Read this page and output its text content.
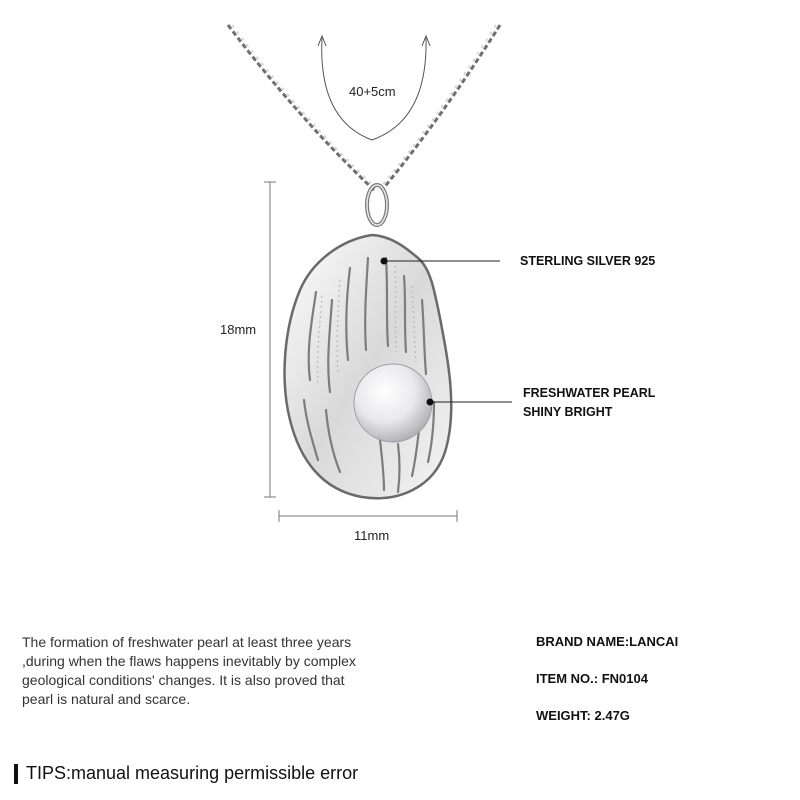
40+5cm
18mm
11mm
STERLING SILVER 925
FRESHWATER PEARL
SHINY BRIGHT
The formation of freshwater pearl at least three years ,during when the flaws happens inevitably by complex geological conditions' changes. It is also proved that pearl is natural and scarce.
BRAND NAME:LANCAI
ITEM NO.: FN0104
WEIGHT: 2.47G
TIPS:manual measuring permissible error
